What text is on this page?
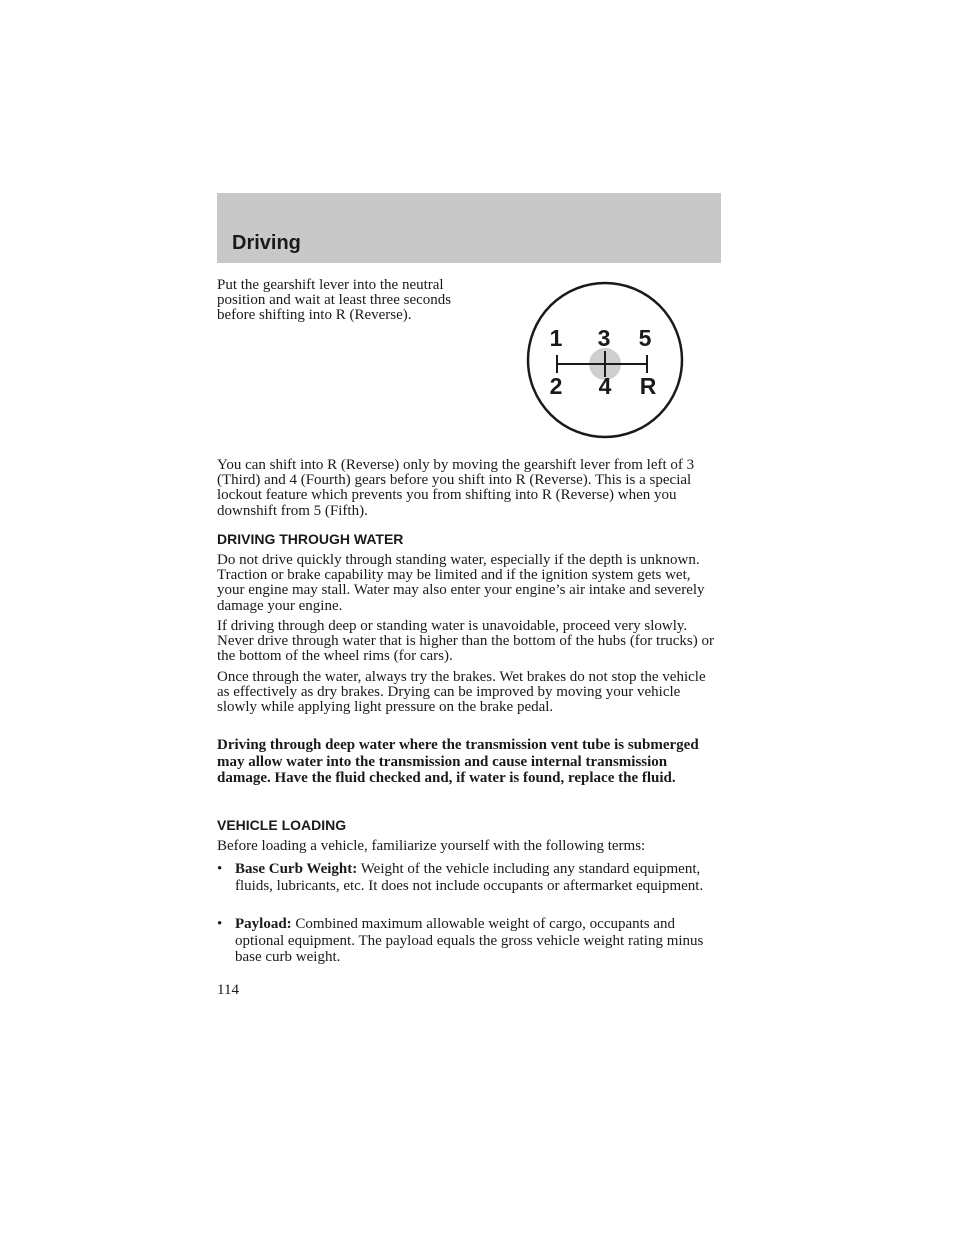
Driving

Put the gearshift lever into the neutral position and wait at least three seconds before shifting into R (Reverse).

1 3 5
2 4 R

You can shift into R (Reverse) only by moving the gearshift lever from left of 3 (Third) and 4 (Fourth) gears before you shift into R (Reverse). This is a special lockout feature which prevents you from shifting into R (Reverse) when you downshift from 5 (Fifth).

DRIVING THROUGH WATER

Do not drive quickly through standing water, especially if the depth is unknown. Traction or brake capability may be limited and if the ignition system gets wet, your engine may stall. Water may also enter your engine’s air intake and severely damage your engine.

If driving through deep or standing water is unavoidable, proceed very slowly. Never drive through water that is higher than the bottom of the hubs (for trucks) or the bottom of the wheel rims (for cars).

Once through the water, always try the brakes. Wet brakes do not stop the vehicle as effectively as dry brakes. Drying can be improved by moving your vehicle slowly while applying light pressure on the brake pedal.

Driving through deep water where the transmission vent tube is submerged may allow water into the transmission and cause internal transmission damage. Have the fluid checked and, if water is found, replace the fluid.

VEHICLE LOADING

Before loading a vehicle, familiarize yourself with the following terms:

• Base Curb Weight: Weight of the vehicle including any standard equipment, fluids, lubricants, etc. It does not include occupants or aftermarket equipment.
• Payload: Combined maximum allowable weight of cargo, occupants and optional equipment. The payload equals the gross vehicle weight rating minus base curb weight.
114
